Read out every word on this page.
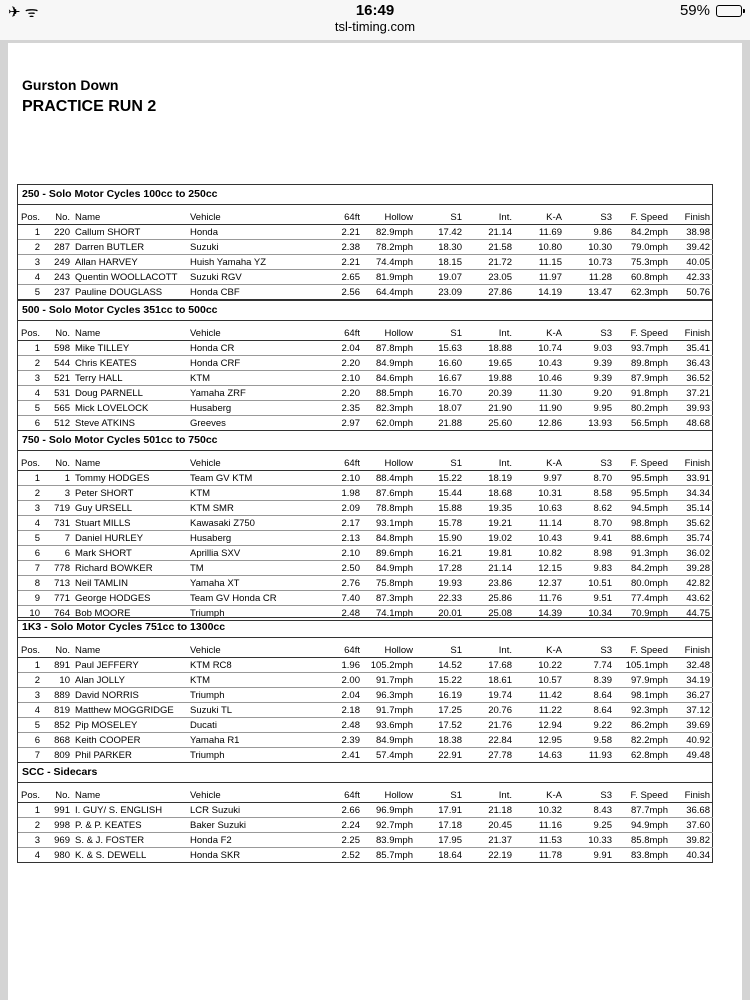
✈ ᯤ	16:49
tsl-timing.com
59%
Gurston Down
PRACTICE RUN 2
250 - Solo Motor Cycles 100cc to 250cc
Pos.	No.	Name	Vehicle	64ft	Hollow	S1	Int.	K-A	S3	F. Speed	Finish
1	220	Callum SHORT	Honda	2.21	82.9mph	17.42	21.14	11.69	9.86	84.2mph	38.98
2	287	Darren BUTLER	Suzuki	2.38	78.2mph	18.30	21.58	10.80	10.30	79.0mph	39.42
3	249	Allan HARVEY	Huish Yamaha YZ	2.21	74.4mph	18.15	21.72	11.15	10.73	75.3mph	40.05
4	243	Quentin WOOLLACOTT	Suzuki RGV	2.65	81.9mph	19.07	23.05	11.97	11.28	60.8mph	42.33
5	237	Pauline DOUGLASS	Honda CBF	2.56	64.4mph	23.09	27.86	14.19	13.47	62.3mph	50.76
500 - Solo Motor Cycles 351cc to 500cc
Pos.	No.	Name	Vehicle	64ft	Hollow	S1	Int.	K-A	S3	F. Speed	Finish
1	598	Mike TILLEY	Honda CR	2.04	87.8mph	15.63	18.88	10.74	9.03	93.7mph	35.41
2	544	Chris KEATES	Honda CRF	2.20	84.9mph	16.60	19.65	10.43	9.39	89.8mph	36.43
3	521	Terry HALL	KTM	2.10	84.6mph	16.67	19.88	10.46	9.39	87.9mph	36.52
4	531	Doug PARNELL	Yamaha ZRF	2.20	88.5mph	16.70	20.39	11.30	9.20	91.8mph	37.21
5	565	Mick LOVELOCK	Husaberg	2.35	82.3mph	18.07	21.90	11.90	9.95	80.2mph	39.93
6	512	Steve ATKINS	Greeves	2.97	62.0mph	21.88	25.60	12.86	13.93	56.5mph	48.68
750 - Solo Motor Cycles 501cc to 750cc
Pos.	No.	Name	Vehicle	64ft	Hollow	S1	Int.	K-A	S3	F. Speed	Finish
1	1	Tommy HODGES	Team GV KTM	2.10	88.4mph	15.22	18.19	9.97	8.70	95.5mph	33.91
2	3	Peter SHORT	KTM	1.98	87.6mph	15.44	18.68	10.31	8.58	95.5mph	34.34
3	719	Guy URSELL	KTM SMR	2.09	78.8mph	15.88	19.35	10.63	8.62	94.5mph	35.14
4	731	Stuart MILLS	Kawasaki Z750	2.17	93.1mph	15.78	19.21	11.14	8.70	98.8mph	35.62
5	7	Daniel HURLEY	Husaberg	2.13	84.8mph	15.90	19.02	10.43	9.41	88.6mph	35.74
6	6	Mark SHORT	Aprillia SXV	2.10	89.6mph	16.21	19.81	10.82	8.98	91.3mph	36.02
7	778	Richard BOWKER	TM	2.50	84.9mph	17.28	21.14	12.15	9.83	84.2mph	39.28
8	713	Neil TAMLIN	Yamaha XT	2.76	75.8mph	19.93	23.86	12.37	10.51	80.0mph	42.82
9	771	George HODGES	Team GV Honda CR	7.40	87.3mph	22.33	25.86	11.76	9.51	77.4mph	43.62
10	764	Bob MOORE	Triumph	2.48	74.1mph	20.01	25.08	14.39	10.34	70.9mph	44.75
1K3 - Solo Motor Cycles 751cc to 1300cc
Pos.	No.	Name	Vehicle	64ft	Hollow	S1	Int.	K-A	S3	F. Speed	Finish
1	891	Paul JEFFERY	KTM RC8	1.96	105.2mph	14.52	17.68	10.22	7.74	105.1mph	32.48
2	10	Alan JOLLY	KTM	2.00	91.7mph	15.22	18.61	10.57	8.39	97.9mph	34.19
3	889	David NORRIS	Triumph	2.04	96.3mph	16.19	19.74	11.42	8.64	98.1mph	36.27
4	819	Matthew MOGGRIDGE	Suzuki TL	2.18	91.7mph	17.25	20.76	11.22	8.64	92.3mph	37.12
5	852	Pip MOSELEY	Ducati	2.48	93.6mph	17.52	21.76	12.94	9.22	86.2mph	39.69
6	868	Keith COOPER	Yamaha R1	2.39	84.9mph	18.38	22.84	12.95	9.58	82.2mph	40.92
7	809	Phil PARKER	Triumph	2.41	57.4mph	22.91	27.78	14.63	11.93	62.8mph	49.48
SCC - Sidecars
Pos.	No.	Name	Vehicle	64ft	Hollow	S1	Int.	K-A	S3	F. Speed	Finish
1	991	I. GUY/ S. ENGLISH	LCR Suzuki	2.66	96.9mph	17.91	21.18	10.32	8.43	87.7mph	36.68
2	998	P. & P. KEATES	Baker Suzuki	2.24	92.7mph	17.18	20.45	11.16	9.25	94.9mph	37.60
3	969	S. & J. FOSTER	Honda F2	2.25	83.9mph	17.95	21.37	11.53	10.33	85.8mph	39.82
4	980	K. & S. DEWELL	Honda SKR	2.52	85.7mph	18.64	22.19	11.78	9.91	83.8mph	40.34
